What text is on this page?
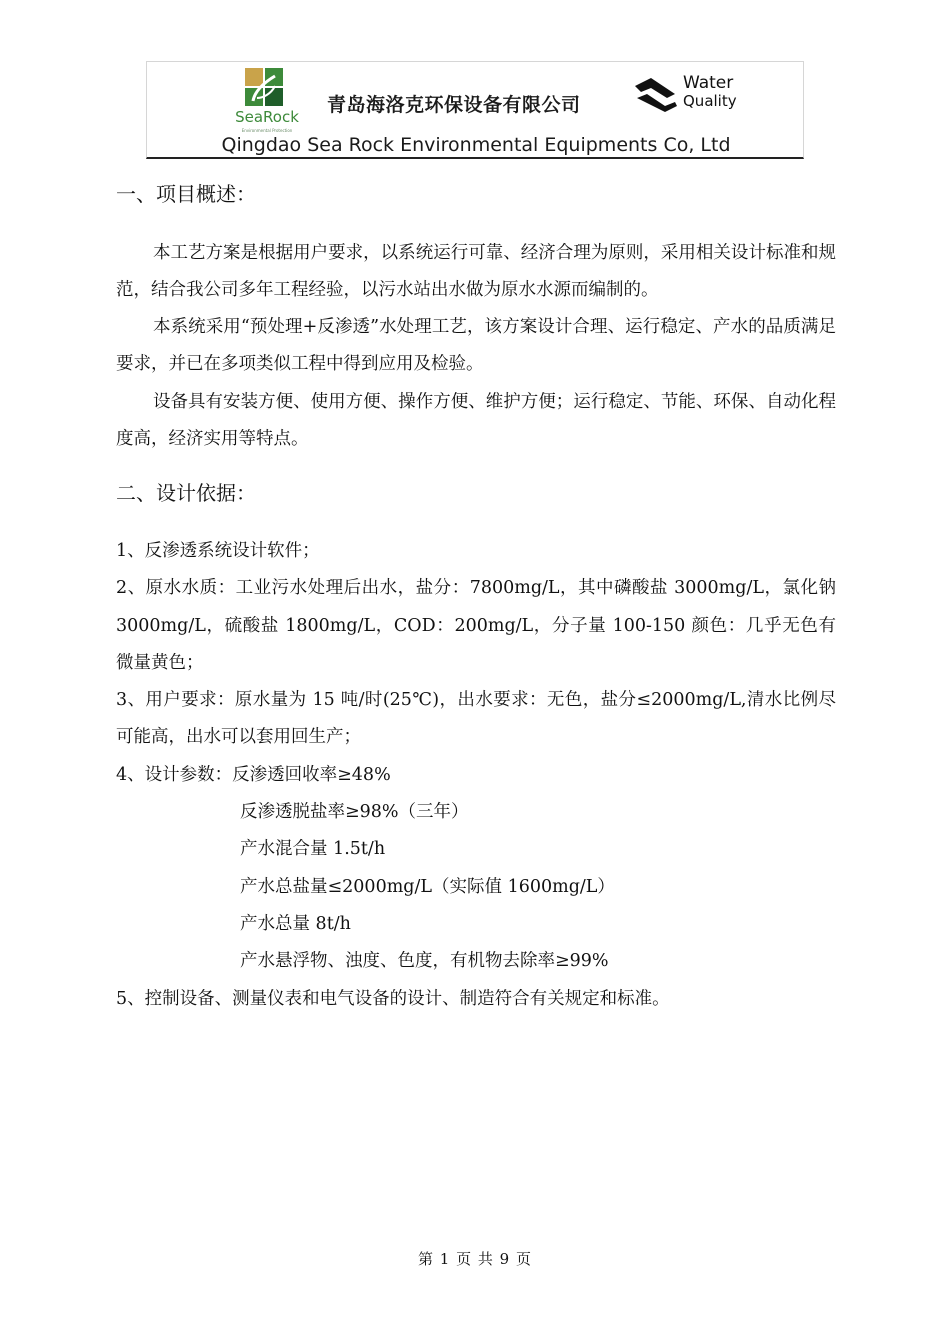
SeaRock
Environmental Protection
青岛海洛克环保设备有限公司
Water
Quality
Qingdao Sea Rock Environmental Equipments Co, Ltd
一、项目概述：

本工艺方案是根据用户要求，以系统运行可靠、经济合理为原则，采用相关设计标准和规范，结合我公司多年工程经验，以污水站出水做为原水水源而编制的。

本系统采用“预处理+反渗透”水处理工艺，该方案设计合理、运行稳定、产水的品质满足要求，并已在多项类似工程中得到应用及检验。

设备具有安装方便、使用方便、操作方便、维护方便；运行稳定、节能、环保、自动化程度高，经济实用等特点。

二、设计依据：

1、反渗透系统设计软件；

2、原水水质：工业污水处理后出水，盐分：7800mg/L，其中磷酸盐 3000mg/L，氯化钠 3000mg/L，硫酸盐 1800mg/L，COD：200mg/L，分子量 100-150 颜色：几乎无色有微量黄色；

3、用户要求：原水量为 15 吨/时(25℃)，出水要求：无色，盐分≤2000mg/L,清水比例尽可能高，出水可以套用回生产；

4、设计参数：反渗透回收率≥48%

反渗透脱盐率≥98%（三年）

产水混合量 1.5t/h

产水总盐量≤2000mg/L（实际值 1600mg/L）

产水总量 8t/h

产水悬浮物、浊度、色度，有机物去除率≥99%

5、控制设备、测量仪表和电气设备的设计、制造符合有关规定和标准。

第 1 页 共 9 页
